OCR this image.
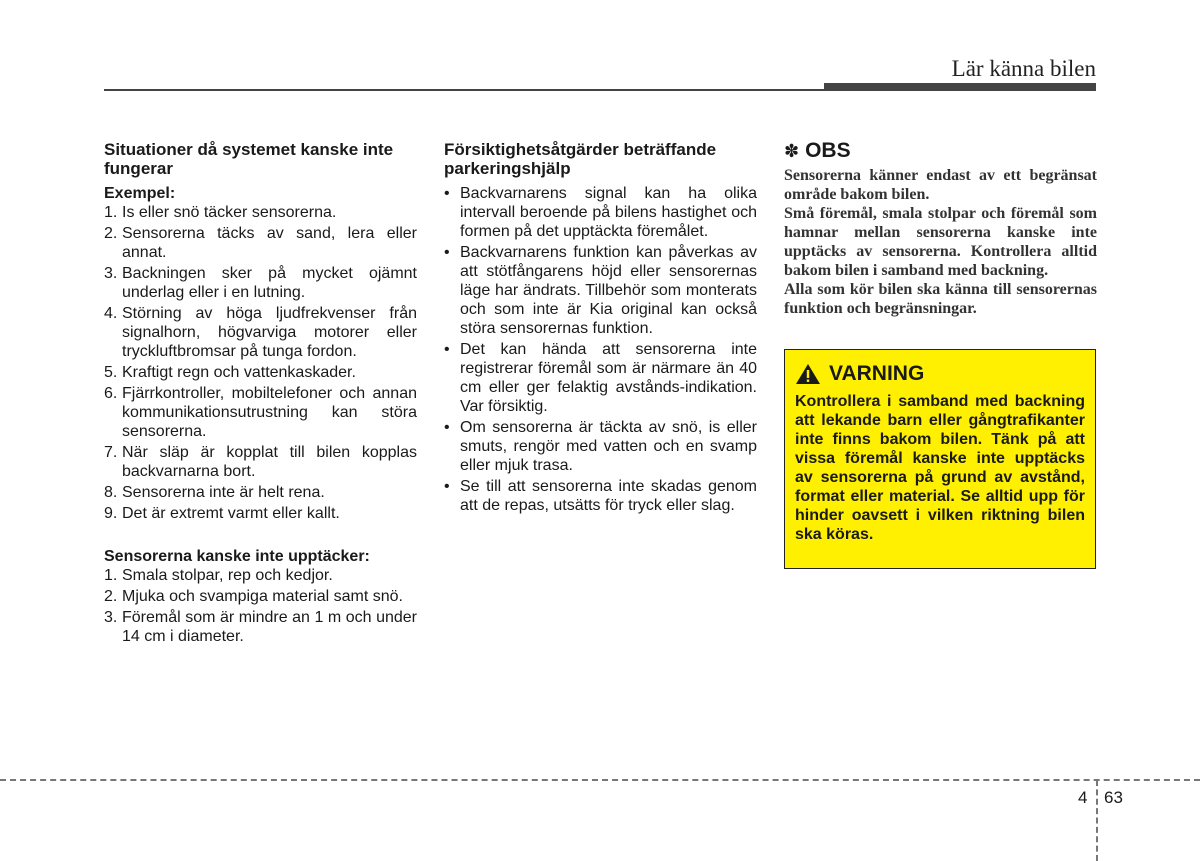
Lär känna bilen
Situationer då systemet kanske inte fungerar

Exempel:

1. Is eller snö täcker sensorerna.
2. Sensorerna täcks av sand, lera eller annat.
3. Backningen sker på mycket ojämnt underlag eller i en lutning.
4. Störning av höga ljudfrekvenser från signalhorn, högvarviga motorer eller tryckluftbromsar på tunga fordon.
5. Kraftigt regn och vattenkaskader.
6. Fjärrkontroller, mobiltelefoner och annan kommunikationsutrustning kan störa sensorerna.
7. När släp är kopplat till bilen kopplas backvarnarna bort.
8. Sensorerna inte är helt rena.
9. Det är extremt varmt eller kallt.

Sensorerna kanske inte upptäcker:

1. Smala stolpar, rep och kedjor.
2. Mjuka och svampiga material samt snö.
3. Föremål som är mindre an 1 m och under 14 cm i diameter.
Försiktighetsåtgärder beträffande parkeringshjälp
• Backvarnarens signal kan ha olika intervall beroende på bilens hastighet och formen på det upptäckta föremålet.
• Backvarnarens funktion kan påverkas av att stötfångarens höjd eller sensorernas läge har ändrats. Tillbehör som monterats och som inte är Kia original kan också störa sensorernas funktion.
• Det kan hända att sensorerna inte registrerar föremål som är närmare än 40 cm eller ger felaktig avstånds-indikation. Var försiktig.
• Om sensorerna är täckta av snö, is eller smuts, rengör med vatten och en svamp eller mjuk trasa.
• Se till att sensorerna inte skadas genom att de repas, utsätts för tryck eller slag.
✽ OBS

Sensorerna känner endast av ett begränsat område bakom bilen.

Små föremål, smala stolpar och föremål som hamnar mellan sensorerna kanske inte upptäcks av sensorerna. Kontrollera alltid bakom bilen i samband med backning.

Alla som kör bilen ska känna till sensorernas funktion och begränsningar.

VARNING

Kontrollera i samband med backning att lekande barn eller gångtrafikanter inte finns bakom bilen. Tänk på att vissa föremål kanske inte upptäcks av sensorerna på grund av avstånd, format eller material. Se alltid upp för hinder oavsett i vilken riktning bilen ska köras.

4 63
